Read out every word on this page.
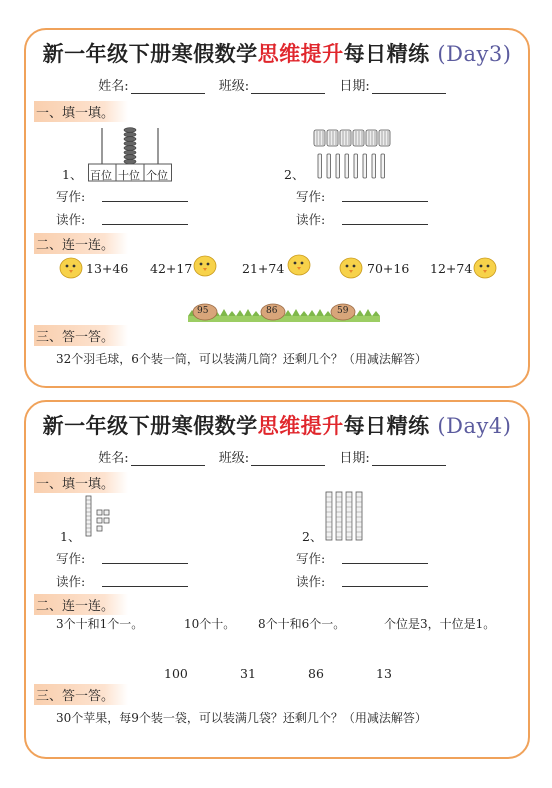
新一年级下册寒假数学思维提升每日精练 (Day3)
姓名:	班级:	日期:
一、填一填。
1、 百位 十位 个位	2、
写作:
读作:
写作:
读作:
二、连一连。
13+46 42+17	21+74	70+16 12+74
95	86	59
三、答一答。
32个羽毛球，6个装一筒，可以装满几筒？还剩几个？（用减法解答）
新一年级下册寒假数学思维提升每日精练 (Day4)
姓名:	班级:	日期:
一、填一填。
1、	2、
写作:
读作:
写作:
读作:
二、连一连。
3个十和1个一。	10个十。 8个十和6个一。	个位是3，十位是1。
100	31	86	13
三、答一答。
30个苹果，每9个装一袋，可以装满几袋？还剩几个？（用减法解答）
